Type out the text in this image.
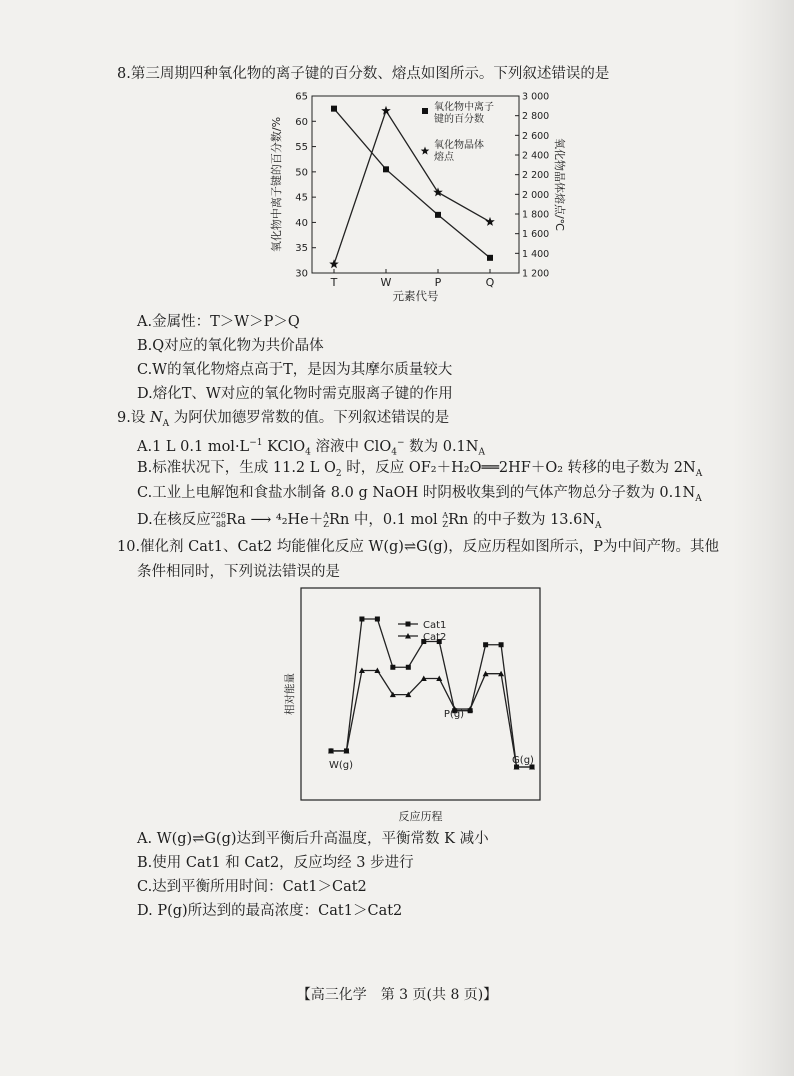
8.第三周期四种氧化物的离子键的百分数、熔点如图所示。下列叙述错误的是
65
60
55
50
45
40
35
30
3 000
2 800
2 600
2 400
2 200
2 000
1 800
1 600
1 400
1 200
T	W	P	Q
元素代号
氧化物中离子键的百分数/%	氧化物晶体熔点/℃
氧化物中离子
键的百分数
氧化物晶体
熔点
A.金属性：T＞W＞P＞Q
B.Q对应的氧化物为共价晶体
C.W的氧化物熔点高于T，是因为其摩尔质量较大
D.熔化T、W对应的氧化物时需克服离子键的作用
9.设 $N_A$ 为阿伏加德罗常数的值。下列叙述错误的是
A.1 L 0.1 $mol\cdot L^{-1}$ KClO$_4$ 溶液中 ClO$_4$− 数为 $0.1N_A$
B.标准状况下，生成 11.2 L $O_2$ 时，反应 OF₂＋H₂O══2HF＋O₂ 转移的电子数为 $2N_A$
C.工业上电解饱和食盐水制备 8.0 g NaOH 时阴极收集到的气体产物总分子数为 $0.1N_A$
D.在核反应226
88Ra ⟶ ⁴₂He＋A
ZRn 中，0.1 mol A
ZRn 的中子数为 $13.6N_A$
10.催化剂 Cat1、Cat2 均能催化反应 W(g)⇌G(g)，反应历程如图所示，P为中间产物。其他
条件相同时，下列说法错误的是
相对能量
反应历程
Cat1
Cat2
W(g)
P(g)
G(g)
A. W(g)⇌G(g)达到平衡后升高温度，平衡常数 K 减小
B.使用 Cat1 和 Cat2，反应均经 3 步进行
C.达到平衡所用时间：Cat1＞Cat2
D. P(g)所达到的最高浓度：Cat1＞Cat2
【高三化学　第 3 页(共 8 页)】
